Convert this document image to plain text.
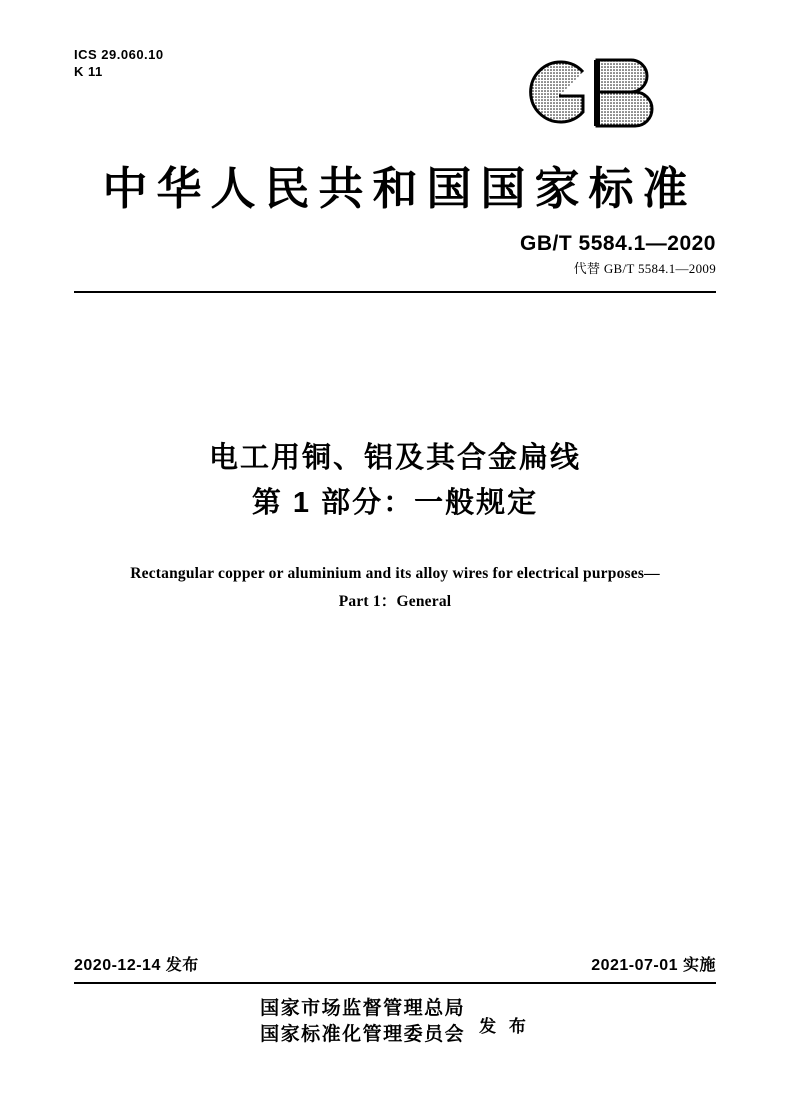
ICS 29.060.10
K 11
中华人民共和国国家标准
GB/T 5584.1—2020
代替 GB/T 5584.1—2009
电工用铜、铝及其合金扁线
第 1 部分：一般规定
Rectangular copper or aluminium and its alloy wires for electrical purposes—
Part 1：General
2020-12-14 发布	2021-07-01 实施
国家市场监督管理总局
国家标准化管理委员会 发 布
